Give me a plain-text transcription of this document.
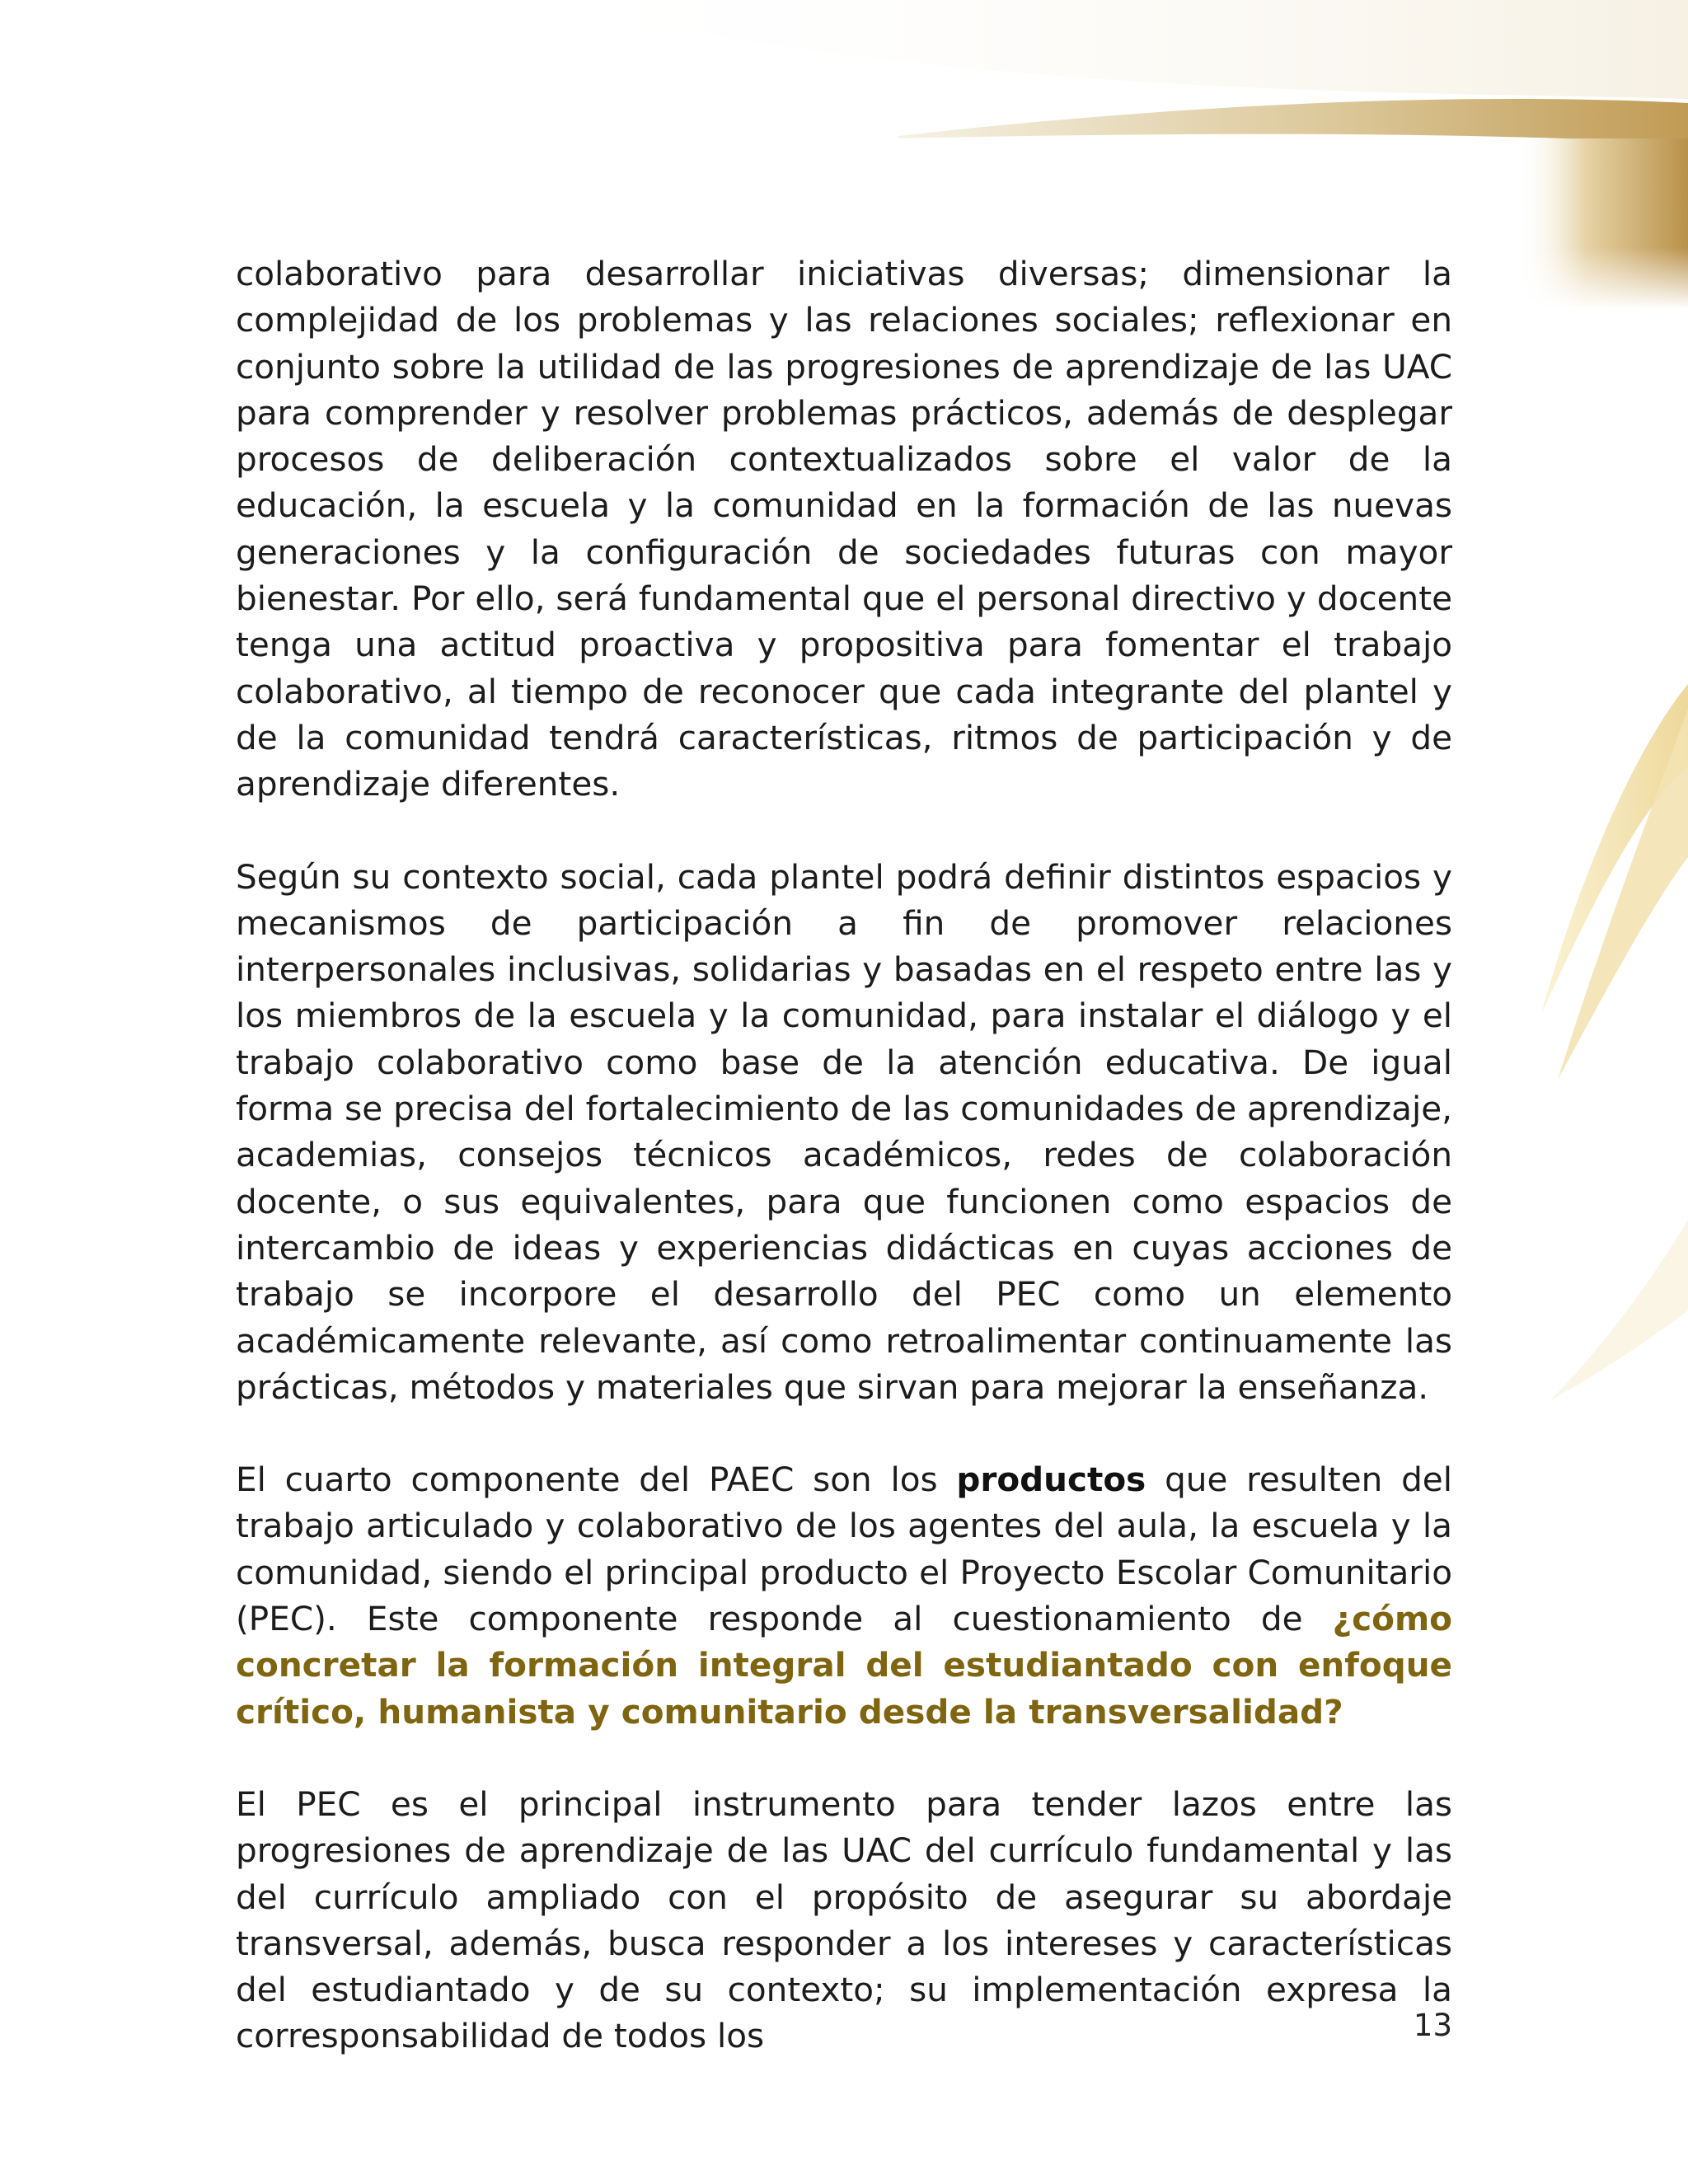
colaborativo para desarrollar iniciativas diversas; dimensionar la complejidad de los problemas y las relaciones sociales; reflexionar en conjunto sobre la utilidad de las progresiones de aprendizaje de las UAC para comprender y resolver problemas prácticos, además de desplegar procesos de deliberación contextualizados sobre el valor de la educación, la escuela y la comunidad en la formación de las nuevas generaciones y la configuración de sociedades futuras con mayor bienestar. Por ello, será fundamental que el personal directivo y docente tenga una actitud proactiva y propositiva para fomentar el trabajo colaborativo, al tiempo de reconocer que cada integrante del plantel y de la comunidad tendrá características, ritmos de participación y de aprendizaje diferentes.

Según su contexto social, cada plantel podrá definir distintos espacios y mecanismos de participación a fin de promover relaciones interpersonales inclusivas, solidarias y basadas en el respeto entre las y los miembros de la escuela y la comunidad, para instalar el diálogo y el trabajo colaborativo como base de la atención educativa. De igual forma se precisa del fortalecimiento de las comunidades de aprendizaje, academias, consejos técnicos académicos, redes de colaboración docente, o sus equivalentes, para que funcionen como espacios de intercambio de ideas y experiencias didácticas en cuyas acciones de trabajo se incorpore el desarrollo del PEC como un elemento académicamente relevante, así como retroalimentar continuamente las prácticas, métodos y materiales que sirvan para mejorar la enseñanza.

El cuarto componente del PAEC son los productos que resulten del trabajo articulado y colaborativo de los agentes del aula, la escuela y la comunidad, siendo el principal producto el Proyecto Escolar Comunitario (PEC). Este componente responde al cuestionamiento de ¿cómo concretar la formación integral del estudiantado con enfoque crítico, humanista y comunitario desde la transversalidad?

El PEC es el principal instrumento para tender lazos entre las progresiones de aprendizaje de las UAC del currículo fundamental y las del currículo ampliado con el propósito de asegurar su abordaje transversal, además, busca responder a los intereses y características del estudiantado y de su contexto; su implementación expresa la corresponsabilidad de todos los	13
